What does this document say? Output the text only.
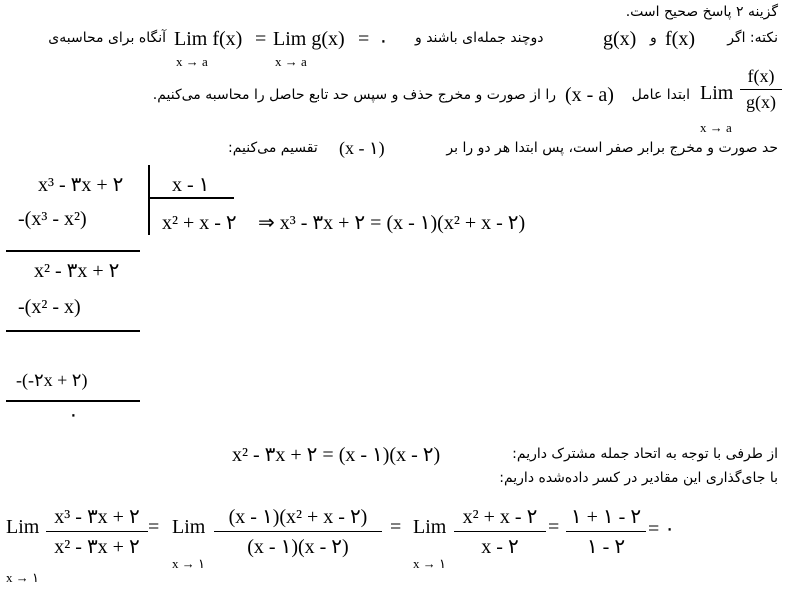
گزینه ۲ پاسخ صحیح است.
نکته: اگر
f(x)
و
g(x)
دوچند جمله‌ای باشند و
۰
=
Lim g(x)
x → a
=
Lim f(x)
x → a
آنگاه برای محاسبه‌ی
f(x)
g(x)
Lim
x → a
ابتدا عامل
(x - a)
را از صورت و مخرج حذف و سپس حد تابع حاصل را محاسبه می‌کنیم.
حد صورت و مخرج برابر صفر است، پس ابتدا هر دو را بر
(x - ۱)
تقسیم می‌کنیم:
x³ - ۳x + ۲ x - ۱
-(x³ - x²)	x² + x - ۲ ⇒ x³ - ۳x + ۲ = (x - ۱)(x² + x - ۲)
x² - ۳x + ۲
-(x² - x)
-(-۲x + ۲)
۰
از طرفی با توجه به اتحاد جمله مشترک داریم:
x² - ۳x + ۲ = (x - ۱)(x - ۲)
با جای‌گذاری این مقادیر در کسر داده‌شده داریم:
Lim
x → ۱
x³ - ۳x + ۲
x² - ۳x + ۲
= Lim
x → ۱
(x - ۱)(x² + x - ۲)
(x - ۱)(x - ۲)
= Lim
x → ۱
x² + x - ۲
x - ۲
= ۱ + ۱ - ۲
۱ - ۲
= ۰
